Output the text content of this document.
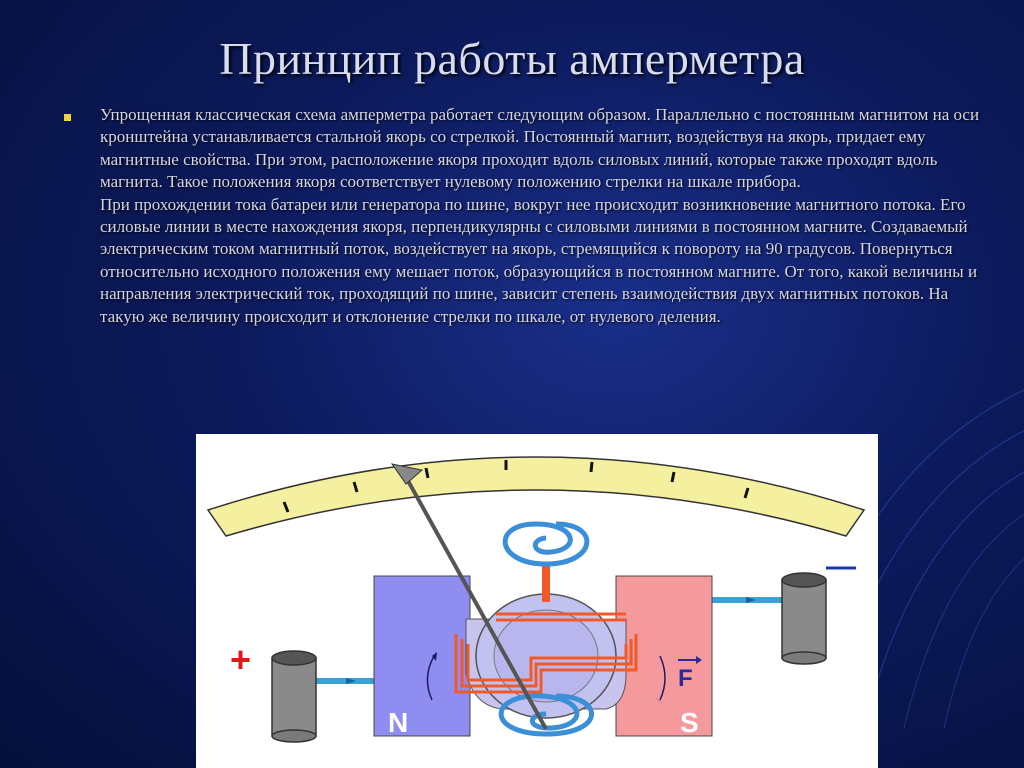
Принцип работы амперметра

Упрощенная классическая схема амперметра работает следующим образом. Параллельно с постоянным магнитом на оси кронштейна устанавливается стальной якорь со стрелкой. Постоянный магнит, воздействуя на якорь, придает ему магнитные свойства. При этом, расположение якоря проходит вдоль силовых линий, которые также проходят вдоль магнита. Такое положения якоря соответствует нулевому положению стрелки на шкале прибора.

При прохождении тока батареи или генератора по шине, вокруг нее происходит возникновение магнитного потока. Его силовые линии в месте нахождения якоря, перпендикулярны с силовыми линиями в постоянном магните. Создаваемый электрическим током магнитный поток, воздействует на якорь, стремящийся к повороту на 90 градусов. Повернуться относительно исходного положения ему мешает поток, образующийся в постоянном магните. От того, какой величины и направления электрический ток, проходящий по шине, зависит степень взаимодействия двух магнитных потоков. На такую же величину происходит и отклонение стрелки по шкале, от нулевого деления.

N	S
F
+
—
